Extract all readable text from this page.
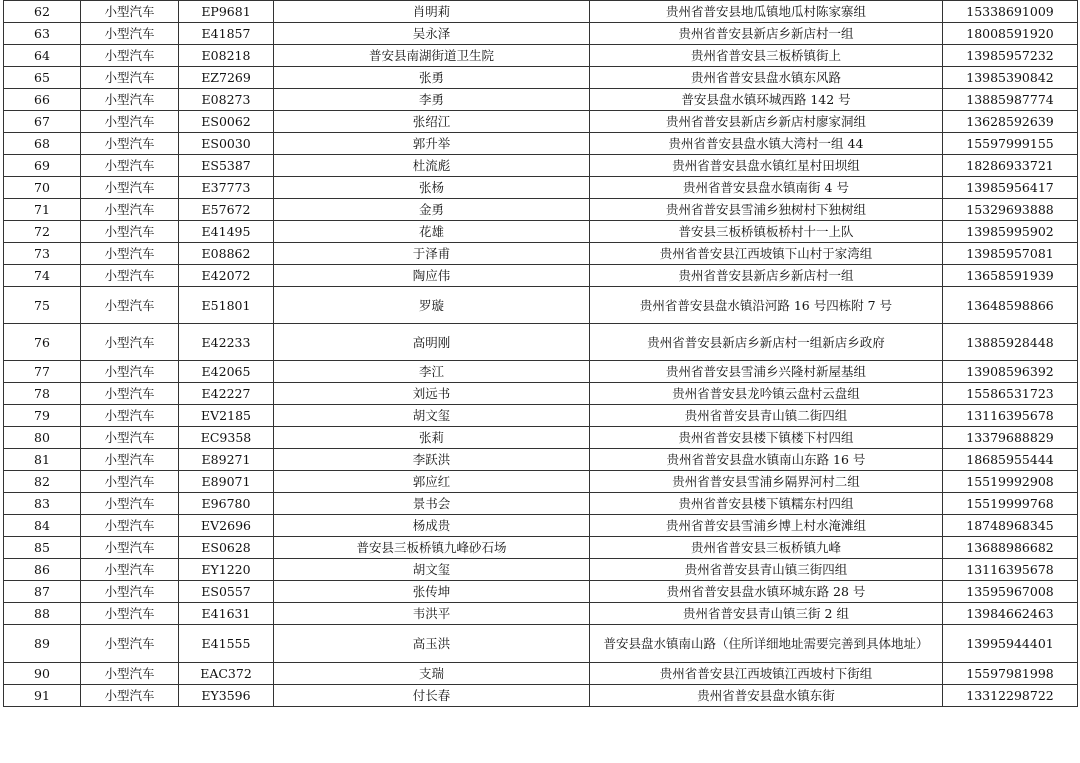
62	小型汽车	EP9681	肖明莉	贵州省普安县地瓜镇地瓜村陈家寨组	15338691009
63	小型汽车	E41857	吴永泽	贵州省普安县新店乡新店村一组	18008591920
64	小型汽车	E08218	普安县南湖街道卫生院	贵州省普安县三板桥镇街上	13985957232
65	小型汽车	EZ7269	张勇	贵州省普安县盘水镇东风路	13985390842
66	小型汽车	E08273	李勇	普安县盘水镇环城西路 142 号	13885987774
67	小型汽车	ES0062	张绍江	贵州省普安县新店乡新店村廖家洞组	13628592639
68	小型汽车	ES0030	郭升举	贵州省普安县盘水镇大湾村一组 44	15597999155
69	小型汽车	ES5387	杜流彪	贵州省普安县盘水镇红星村田坝组	18286933721
70	小型汽车	E37773	张杨	贵州省普安县盘水镇南街 4 号	13985956417
71	小型汽车	E57672	金勇	贵州省普安县雪浦乡独树村下独树组	15329693888
72	小型汽车	E41495	花雄	普安县三板桥镇板桥村十一上队	13985995902
73	小型汽车	E08862	于泽甫	贵州省普安县江西坡镇下山村于家湾组	13985957081
74	小型汽车	E42072	陶应伟	贵州省普安县新店乡新店村一组	13658591939
75	小型汽车	E51801	罗璇	贵州省普安县盘水镇沿河路 16 号四栋附 7 号	13648598866
76	小型汽车	E42233	高明刚	贵州省普安县新店乡新店村一组新店乡政府	13885928448
77	小型汽车	E42065	李江	贵州省普安县雪浦乡兴隆村新屋基组	13908596392
78	小型汽车	E42227	刘远书	贵州省普安县龙吟镇云盘村云盘组	15586531723
79	小型汽车	EV2185	胡文玺	贵州省普安县青山镇二街四组	13116395678
80	小型汽车	EC9358	张莉	贵州省普安县楼下镇楼下村四组	13379688829
81	小型汽车	E89271	李跃洪	贵州省普安县盘水镇南山东路 16 号	18685955444
82	小型汽车	E89071	郭应红	贵州省普安县雪浦乡隔界河村二组	15519992908
83	小型汽车	E96780	景书会	贵州省普安县楼下镇糯东村四组	15519999768
84	小型汽车	EV2696	杨成贵	贵州省普安县雪浦乡博上村水淹滩组	18748968345
85	小型汽车	ES0628	普安县三板桥镇九峰砂石场	贵州省普安县三板桥镇九峰	13688986682
86	小型汽车	EY1220	胡文玺	贵州省普安县青山镇三街四组	13116395678
87	小型汽车	ES0557	张传坤	贵州省普安县盘水镇环城东路 28 号	13595967008
88	小型汽车	E41631	韦洪平	贵州省普安县青山镇三街 2 组	13984662463
89	小型汽车	E41555	高玉洪	普安县盘水镇南山路（住所详细地址需要完善到具体地址）	13995944401
90	小型汽车	EAC372	支瑞	贵州省普安县江西坡镇江西坡村下街组	15597981998
91	小型汽车	EY3596	付长春	贵州省普安县盘水镇东街	13312298722
